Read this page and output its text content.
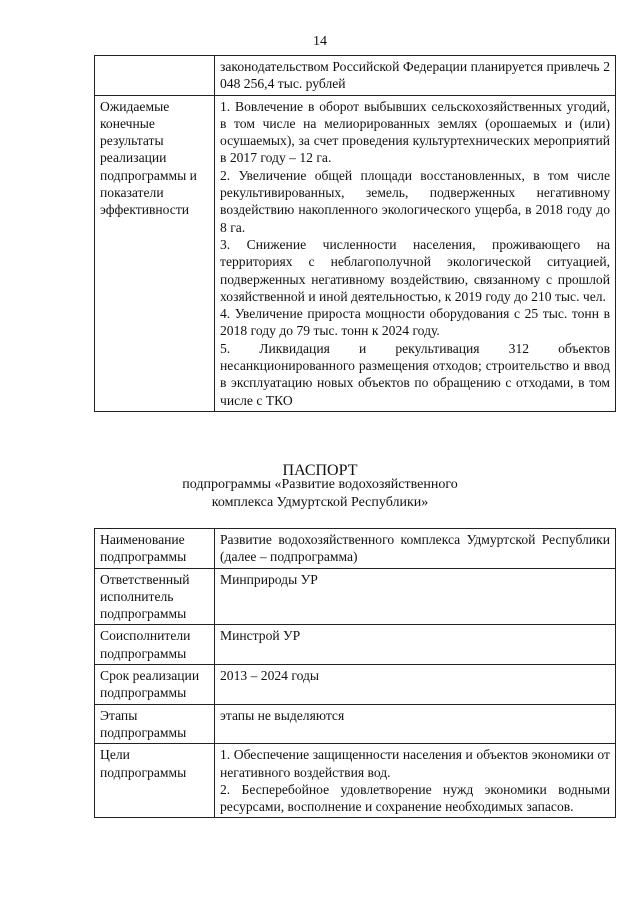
14

	законодательством Российской Федерации планируется привлечь 2 048 256,4 тыс. рублей

Ожидаемые конечные результаты реализации подпрограммы и показатели эффективности	1. Вовлечение в оборот выбывших сельскохозяйственных угодий, в том числе на мелиорированных землях (орошаемых и (или) осушаемых), за счет проведения культуртехнических мероприятий в 2017 году – 12 га.
2. Увеличение общей площади восстановленных, в том числе рекультивированных, земель, подверженных негативному воздействию накопленного экологического ущерба, в 2018 году до 8 га.
3. Снижение численности населения, проживающего на территориях с неблагополучной экологической ситуацией, подверженных негативному воздействию, связанному с прошлой хозяйственной и иной деятельностью, к 2019 году до 210 тыс. чел.
4. Увеличение прироста мощности оборудования с 25 тыс. тонн в 2018 году до 79 тыс. тонн к 2024 году.
5. Ликвидация и рекультивация 312 объектов несанкционированного размещения отходов; строительство и ввод в эксплуатацию новых объектов по обращению с отходами, в том числе с ТКО
ПАСПОРТ
подпрограммы «Развитие водохозяйственного комплекса Удмуртской Республики»
Наименование подпрограммы	Развитие водохозяйственного комплекса Удмуртской Республики (далее – подпрограмма)

Ответственный исполнитель подпрограммы	Минприроды УР

Соисполнители подпрограммы	Минстрой УР

Срок реализации подпрограммы	2013 – 2024 годы

Этапы подпрограммы	этапы не выделяются

Цели подпрограммы	1. Обеспечение защищенности населения и объектов экономики от негативного воздействия вод.
2. Бесперебойное удовлетворение нужд экономики водными ресурсами, восполнение и сохранение необходимых запасов.
